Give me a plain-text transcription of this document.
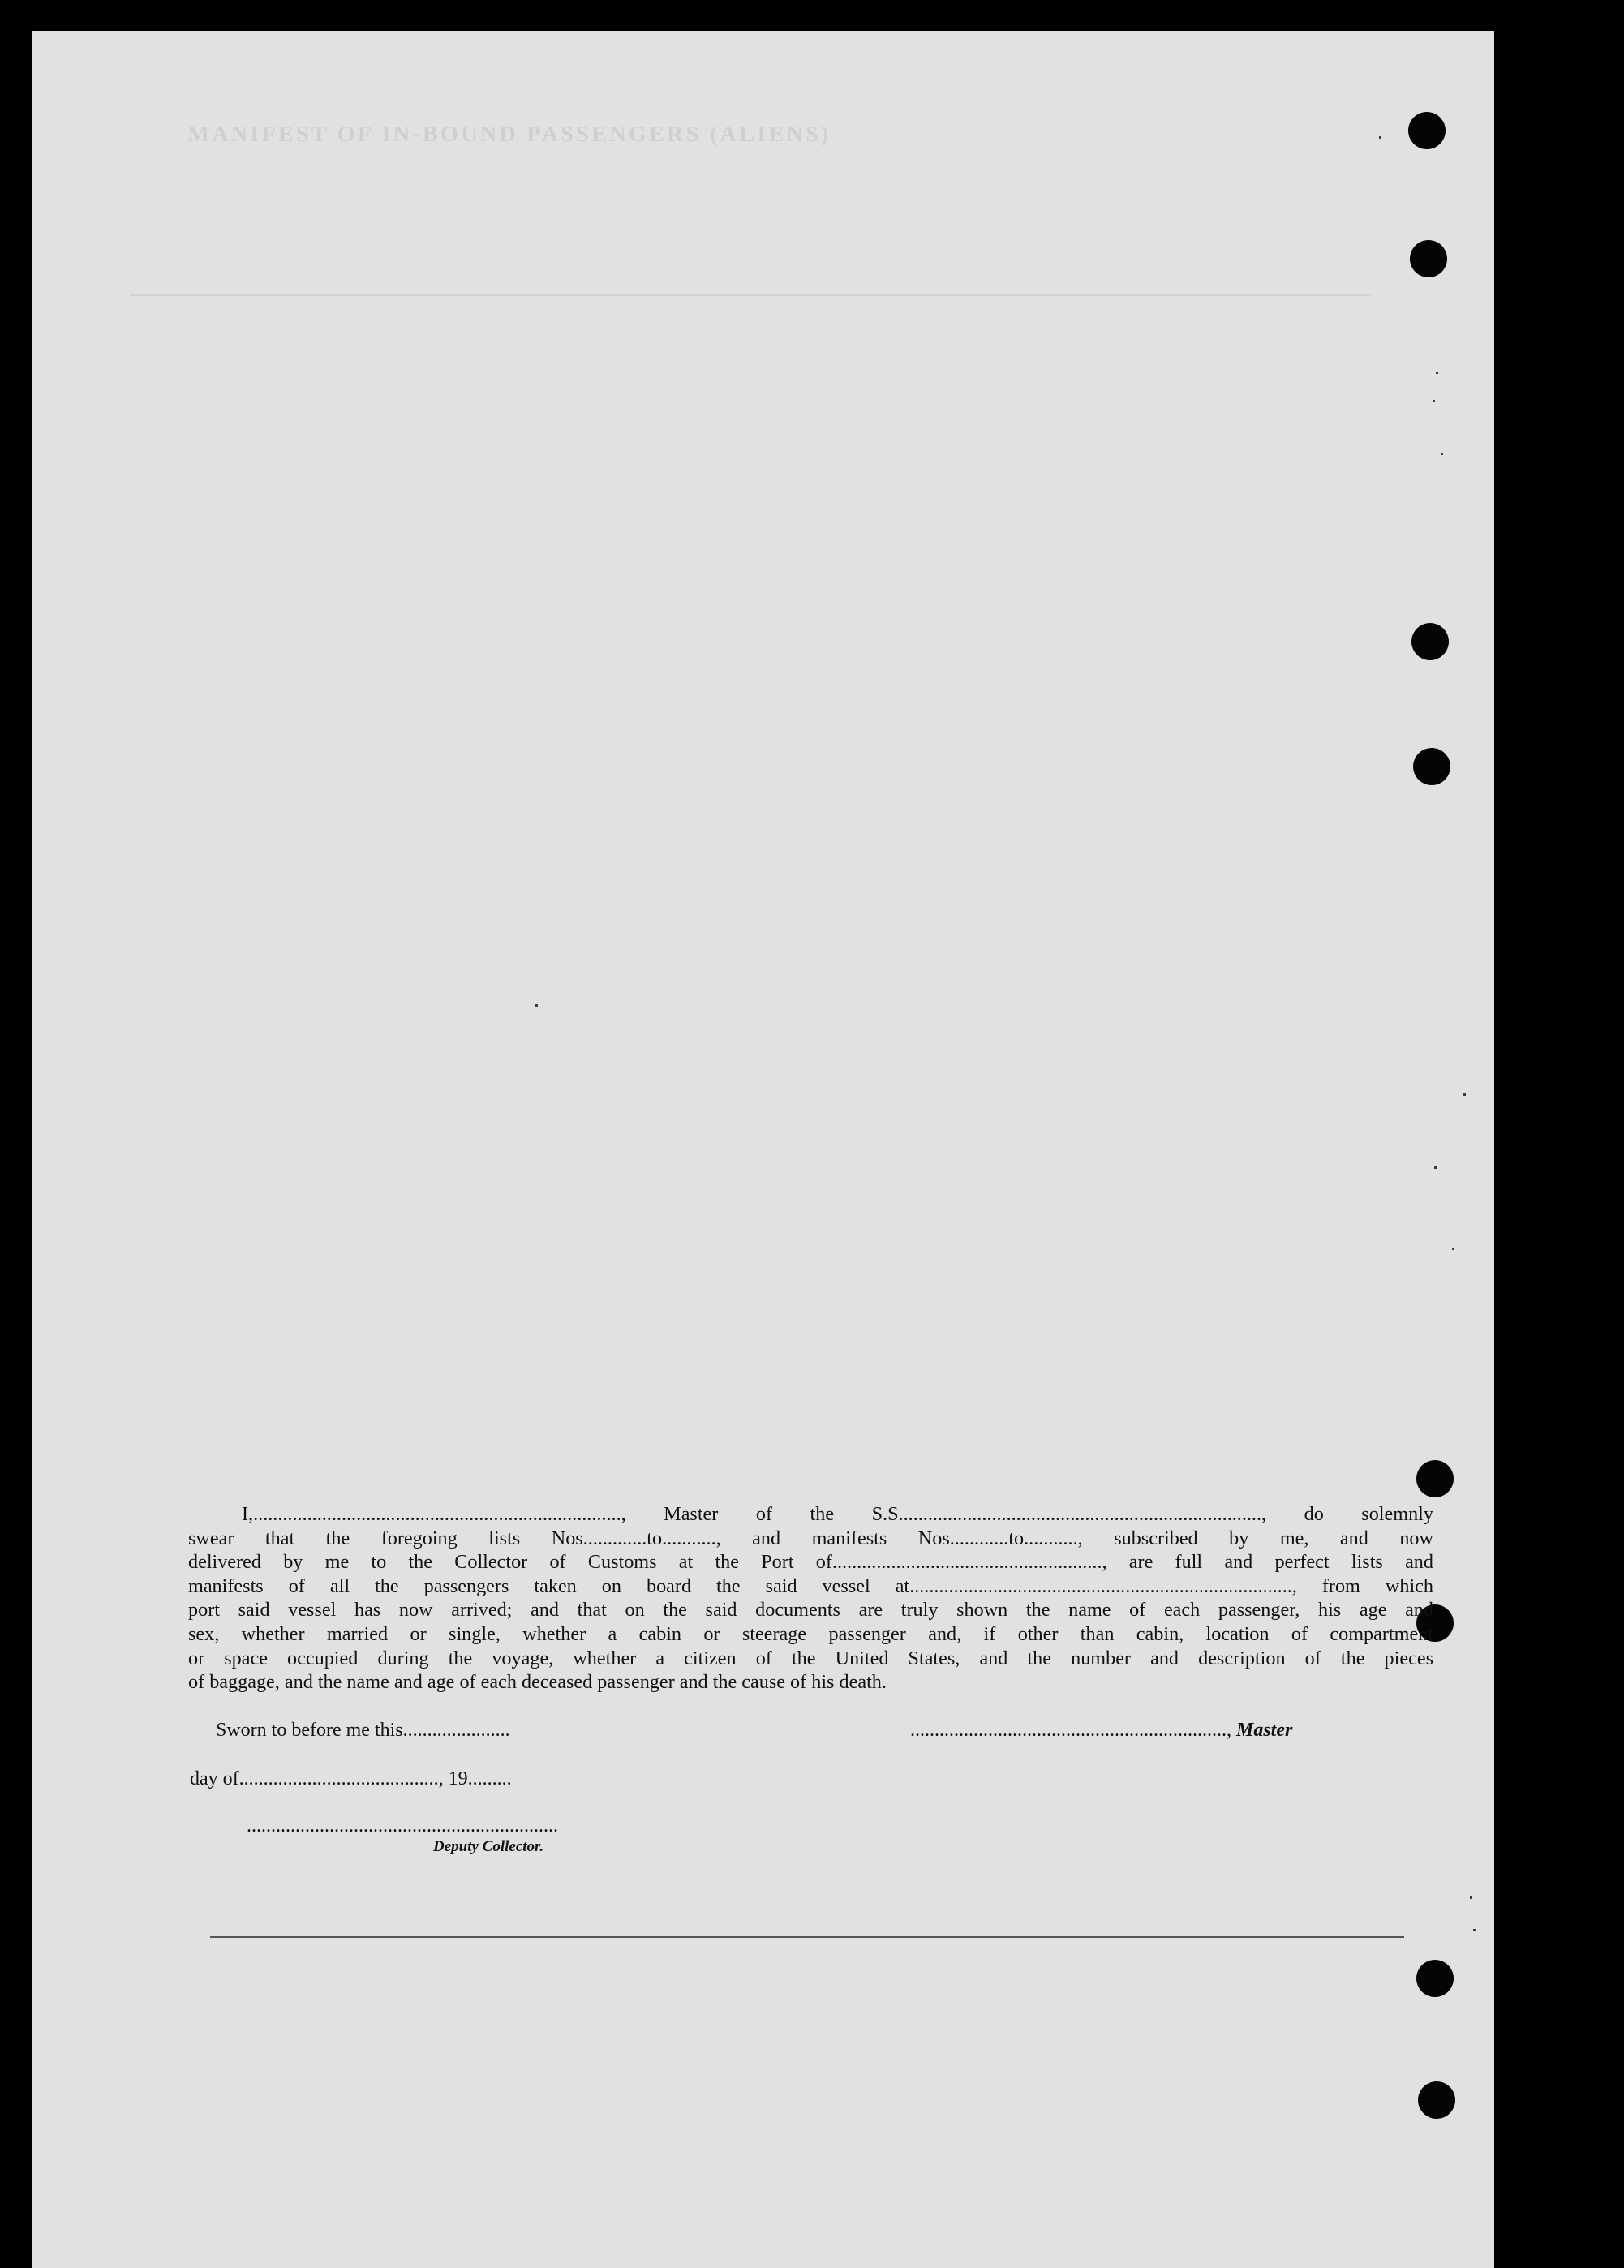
MANIFEST OF IN-BOUND PASSENGERS (ALIENS)
I,..........................................................................., Master of the S.S.........................................................................., do solemnly
swear that the foregoing lists Nos.............to..........., and manifests Nos............to..........., subscribed by me, and now
delivered by me to the Collector of Customs at the Port of......................................................., are full and perfect lists and
manifests of all the passengers taken on board the said vessel at.............................................................................., from which
port said vessel has now arrived; and that on the said documents are truly shown the name of each passenger, his age and
sex, whether married or single, whether a cabin or steerage passenger and, if other than cabin, location of compartment
or space occupied during the voyage, whether a citizen of the United States, and the number and description of the pieces
of baggage, and the name and age of each deceased passenger and the cause of his death.
Sworn to before me this......................	................................................................., Master
day of........................................., 19.........
................................................................
Deputy Collector.
